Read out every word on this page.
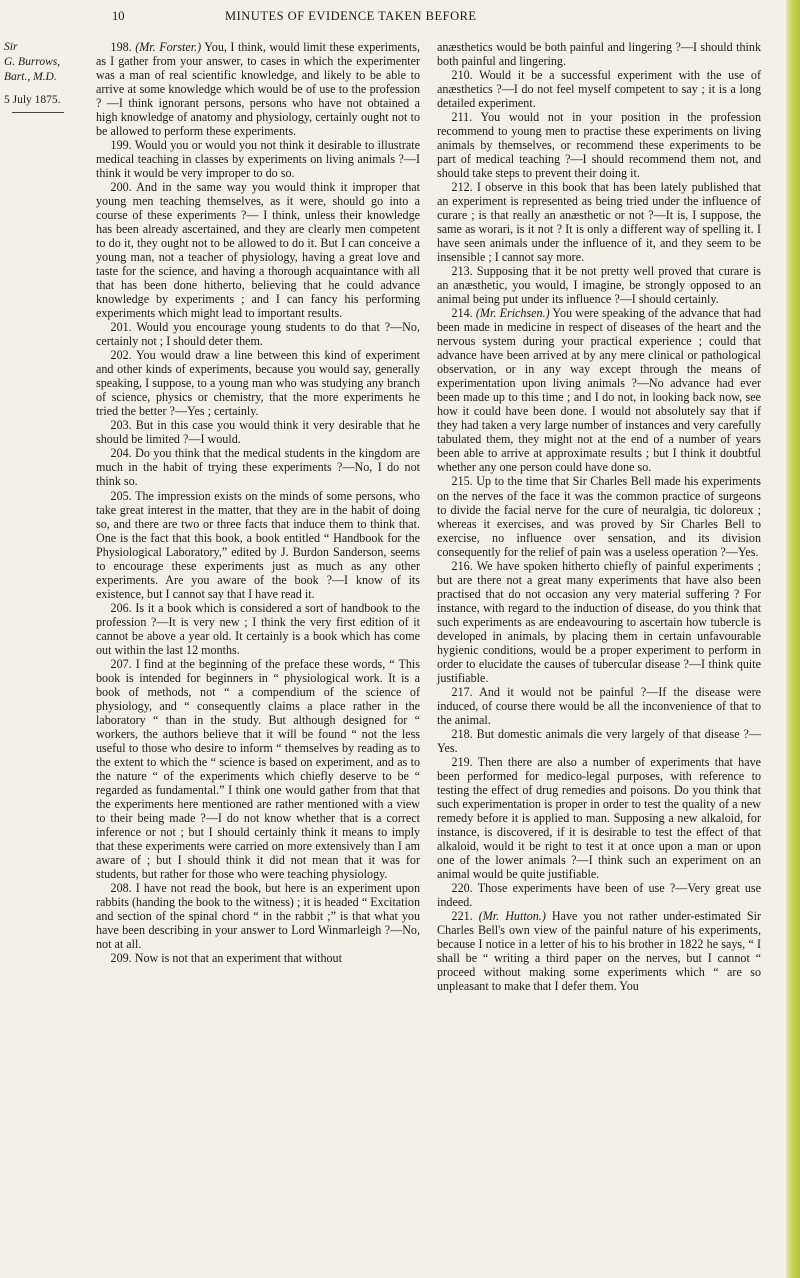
10	MINUTES OF EVIDENCE TAKEN BEFORE
Sir
G. Burrows,
Bart., M.D.
5 July 1875.

198. (Mr. Forster.) You, I think, would limit these experiments, as I gather from your answer, to cases in which the experimenter was a man of real scientific knowledge, and likely to be able to arrive at some knowledge which would be of use to the profession ? —I think ignorant persons, persons who have not obtained a high knowledge of anatomy and physiology, certainly ought not to be allowed to perform these experiments.

199. Would you or would you not think it desirable to illustrate medical teaching in classes by experiments on living animals ?—I think it would be very improper to do so.

200. And in the same way you would think it improper that young men teaching themselves, as it were, should go into a course of these experiments ?— I think, unless their knowledge has been already ascertained, and they are clearly men competent to do it, they ought not to be allowed to do it. But I can conceive a young man, not a teacher of physiology, having a great love and taste for the science, and having a thorough acquaintance with all that has been done hitherto, believing that he could advance knowledge by experiments ; and I can fancy his performing experiments which might lead to important results.

201. Would you encourage young students to do that ?—No, certainly not ; I should deter them.

202. You would draw a line between this kind of experiment and other kinds of experiments, because you would say, generally speaking, I suppose, to a young man who was studying any branch of science, physics or chemistry, that the more experiments he tried the better ?—Yes ; certainly.

203. But in this case you would think it very desirable that he should be limited ?—I would.

204. Do you think that the medical students in the kingdom are much in the habit of trying these experiments ?—No, I do not think so.

205. The impression exists on the minds of some persons, who take great interest in the matter, that they are in the habit of doing so, and there are two or three facts that induce them to think that. One is the fact that this book, a book entitled “ Handbook for the Physiological Laboratory,” edited by J. Burdon Sanderson, seems to encourage these experiments just as much as any other experiments. Are you aware of the book ?—I know of its existence, but I cannot say that I have read it.

206. Is it a book which is considered a sort of handbook to the profession ?—It is very new ; I think the very first edition of it cannot be above a year old. It certainly is a book which has come out within the last 12 months.

207. I find at the beginning of the preface these words, “ This book is intended for beginners in “ physiological work. It is a book of methods, not “ a compendium of the science of physiology, and “ consequently claims a place rather in the laboratory “ than in the study. But although designed for “ workers, the authors believe that it will be found “ not the less useful to those who desire to inform “ themselves by reading as to the extent to which the “ science is based on experiment, and as to the nature “ of the experiments which chiefly deserve to be “ regarded as fundamental.” I think one would gather from that that the experiments here mentioned are rather mentioned with a view to their being made ?—I do not know whether that is a correct inference or not ; but I should certainly think it means to imply that these experiments were carried on more extensively than I am aware of ; but I should think it did not mean that it was for students, but rather for those who were teaching physiology.

208. I have not read the book, but here is an experiment upon rabbits (handing the book to the witness) ; it is headed “ Excitation and section of the spinal chord “ in the rabbit ;” is that what you have been describing in your answer to Lord Winmarleigh ?—No, not at all.

209. Now is not that an experiment that without

anæsthetics would be both painful and lingering ?—I should think both painful and lingering.

210. Would it be a successful experiment with the use of anæsthetics ?—I do not feel myself competent to say ; it is a long detailed experiment.

211. You would not in your position in the profession recommend to young men to practise these experiments on living animals by themselves, or recommend these experiments to be part of medical teaching ?—I should recommend them not, and should take steps to prevent their doing it.

212. I observe in this book that has been lately published that an experiment is represented as being tried under the influence of curare ; is that really an anæsthetic or not ?—It is, I suppose, the same as worari, is it not ? It is only a different way of spelling it. I have seen animals under the influence of it, and they seem to be insensible ; I cannot say more.

213. Supposing that it be not pretty well proved that curare is an anæsthetic, you would, I imagine, be strongly opposed to an animal being put under its influence ?—I should certainly.

214. (Mr. Erichsen.) You were speaking of the advance that had been made in medicine in respect of diseases of the heart and the nervous system during your practical experience ; could that advance have been arrived at by any mere clinical or pathological observation, or in any way except through the means of experimentation upon living animals ?—No advance had ever been made up to this time ; and I do not, in looking back now, see how it could have been done. I would not absolutely say that if they had taken a very large number of instances and very carefully tabulated them, they might not at the end of a number of years been able to arrive at approximate results ; but I think it doubtful whether any one person could have done so.

215. Up to the time that Sir Charles Bell made his experiments on the nerves of the face it was the common practice of surgeons to divide the facial nerve for the cure of neuralgia, tic doloreux ; whereas it exercises, and was proved by Sir Charles Bell to exercise, no influence over sensation, and its division consequently for the relief of pain was a useless operation ?—Yes.

216. We have spoken hitherto chiefly of painful experiments ; but are there not a great many experiments that have also been practised that do not occasion any very material suffering ? For instance, with regard to the induction of disease, do you think that such experiments as are endeavouring to ascertain how tubercle is developed in animals, by placing them in certain unfavourable hygienic conditions, would be a proper experiment to perform in order to elucidate the causes of tubercular disease ?—I think quite justifiable.

217. And it would not be painful ?—If the disease were induced, of course there would be all the inconvenience of that to the animal.

218. But domestic animals die very largely of that disease ?—Yes.

219. Then there are also a number of experiments that have been performed for medico-legal purposes, with reference to testing the effect of drug remedies and poisons. Do you think that such experimentation is proper in order to test the quality of a new remedy before it is applied to man. Supposing a new alkaloid, for instance, is discovered, if it is desirable to test the effect of that alkaloid, would it be right to test it at once upon a man or upon one of the lower animals ?—I think such an experiment on an animal would be quite justifiable.

220. Those experiments have been of use ?—Very great use indeed.

221. (Mr. Hutton.) Have you not rather under-estimated Sir Charles Bell's own view of the painful nature of his experiments, because I notice in a letter of his to his brother in 1822 he says, “ I shall be “ writing a third paper on the nerves, but I cannot “ proceed without making some experiments which “ are so unpleasant to make that I defer them. You
